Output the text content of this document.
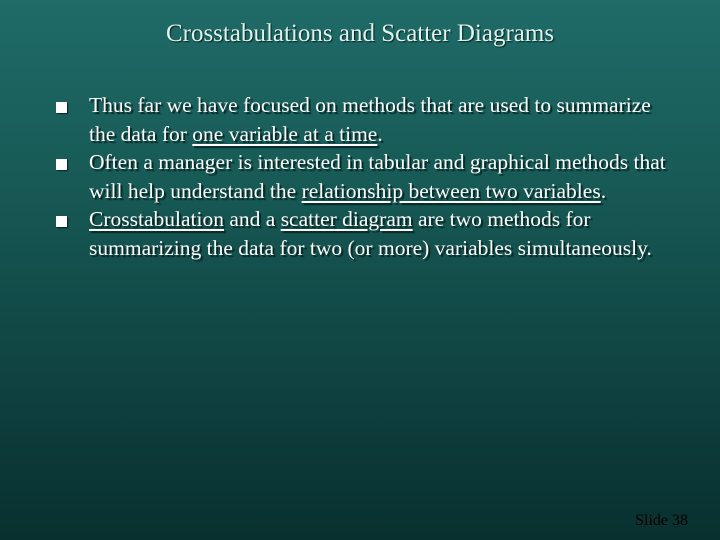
Crosstabulations and Scatter Diagrams
Thus far we have focused on methods that are used to summarize the data for one variable at a time.
Often a manager is interested in tabular and graphical methods that will help understand the relationship between two variables.
Crosstabulation and a scatter diagram are two methods for summarizing the data for two (or more) variables simultaneously.
Slide 38
